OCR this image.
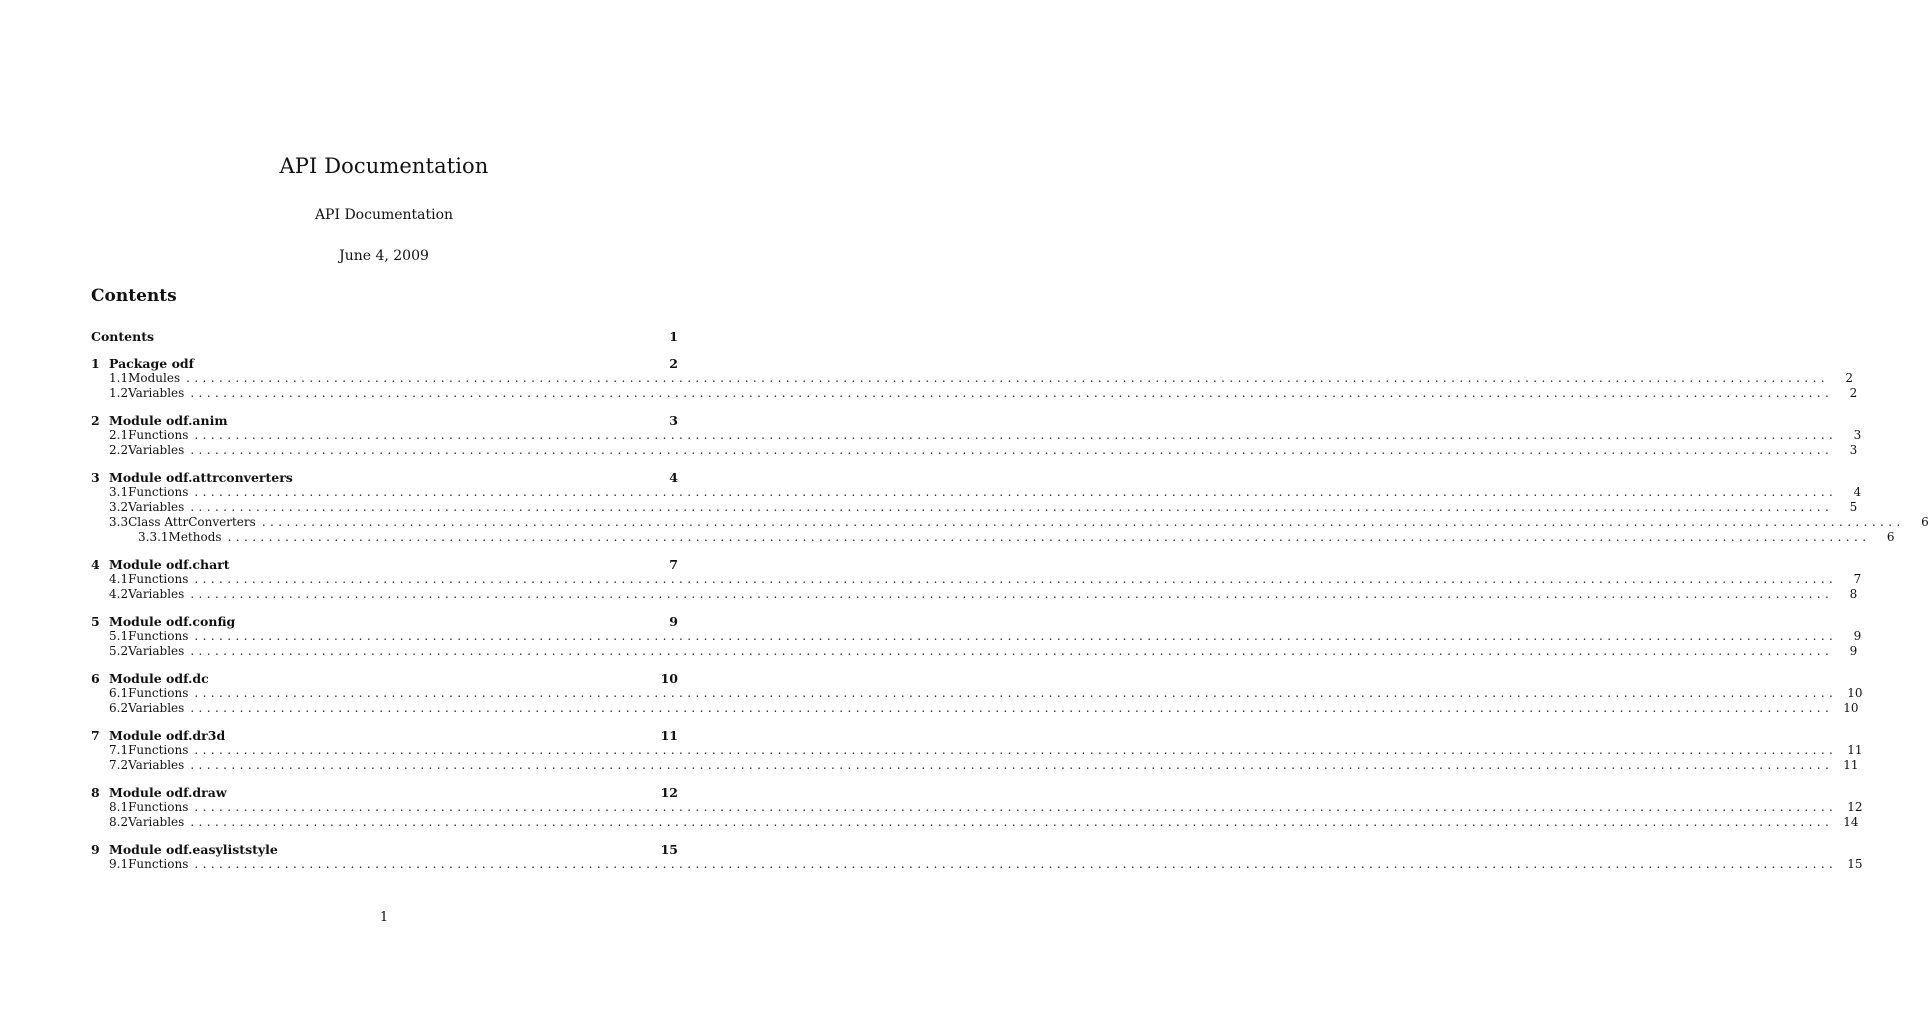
API Documentation
API Documentation
June 4, 2009
Contents
Contents	1
1 Package odf	2
1.1 Modules ........................................................................................................................................................................................................	2
1.2 Variables ........................................................................................................................................................................................................	2
2 Module odf.anim	3
2.1 Functions ........................................................................................................................................................................................................	3
2.2 Variables ........................................................................................................................................................................................................	3
3 Module odf.attrconverters	4
3.1 Functions ........................................................................................................................................................................................................	4
3.2 Variables ........................................................................................................................................................................................................	5
3.3 Class AttrConverters ........................................................................................................................................................................................................	6
3.3.1 Methods ........................................................................................................................................................................................................	6
4 Module odf.chart	7
4.1 Functions ........................................................................................................................................................................................................	7
4.2 Variables ........................................................................................................................................................................................................	8
5 Module odf.config	9
5.1 Functions ........................................................................................................................................................................................................	9
5.2 Variables ........................................................................................................................................................................................................	9
6 Module odf.dc	10
6.1 Functions ........................................................................................................................................................................................................ 10
6.2 Variables ........................................................................................................................................................................................................ 10
7 Module odf.dr3d	11
7.1 Functions ........................................................................................................................................................................................................ 11
7.2 Variables ........................................................................................................................................................................................................ 11
8 Module odf.draw	12
8.1 Functions ........................................................................................................................................................................................................ 12
8.2 Variables ........................................................................................................................................................................................................ 14
9 Module odf.easyliststyle	15
9.1 Functions ........................................................................................................................................................................................................ 15
1
